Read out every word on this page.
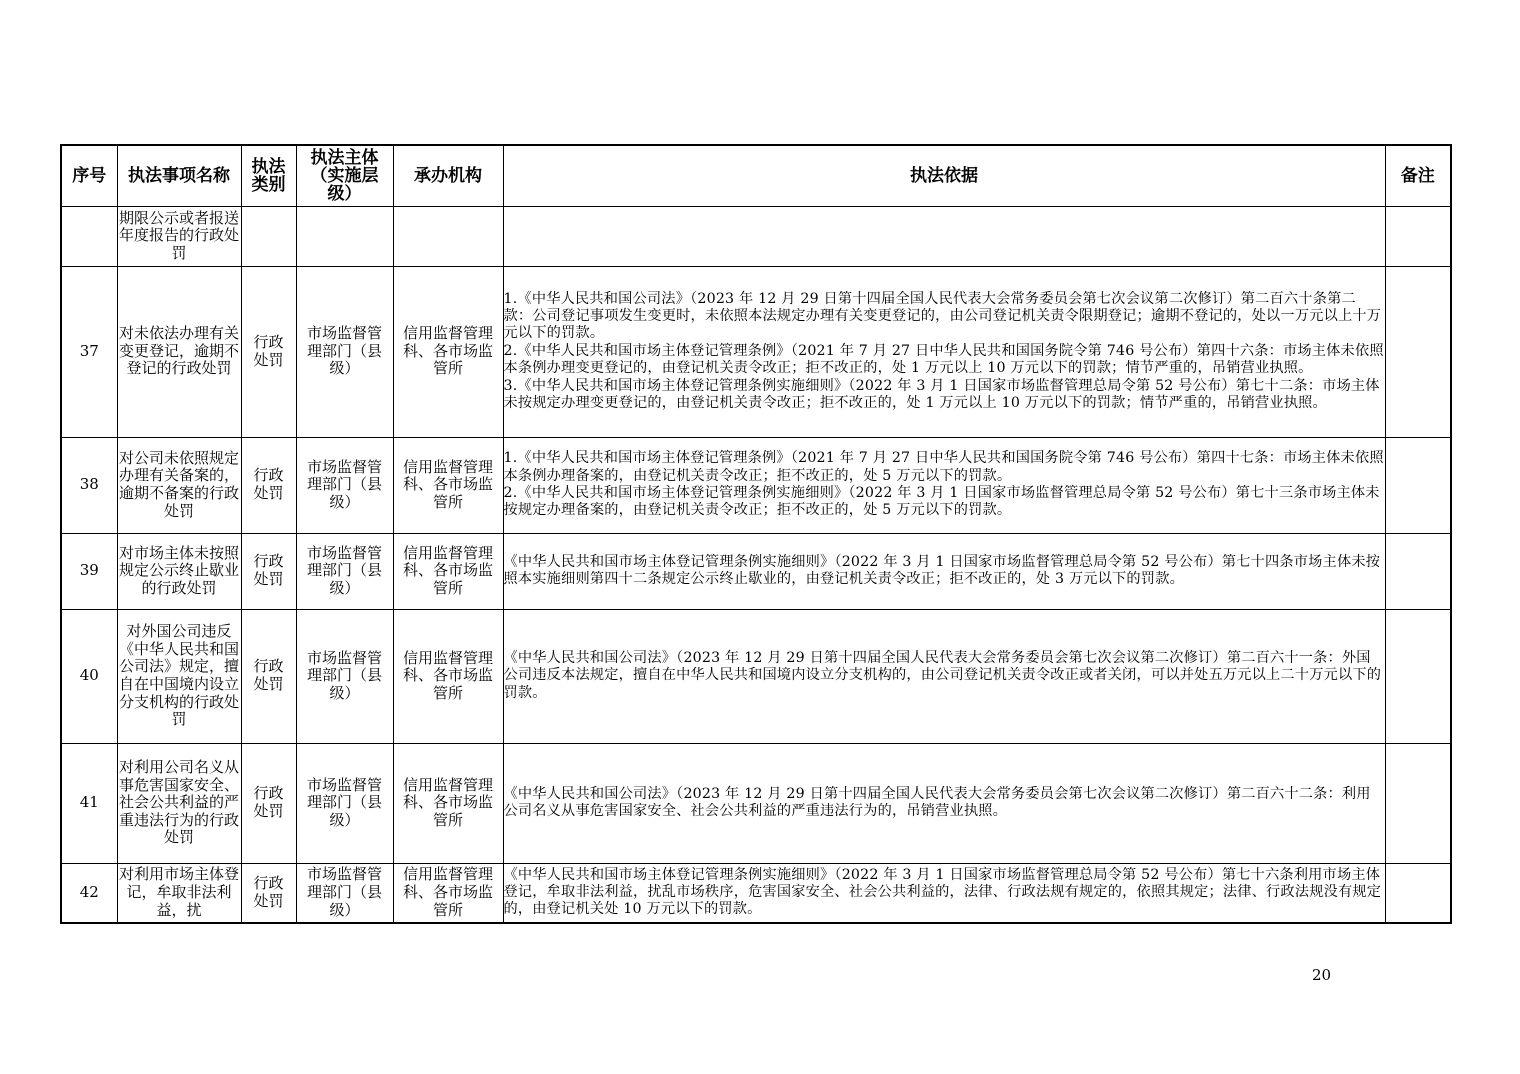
序号	执法事项名称	执法类别	执法主体（实施层级）	承办机构	执法依据	备注
	期限公示或者报送年度报告的行政处罚					
37	对未依法办理有关变更登记，逾期不登记的行政处罚	行政处罚	市场监督管理部门（县级）	信用监督管理科、各市场监管所	1.《中华人民共和国公司法》（2023 年 12 月 29 日第十四届全国人民代表大会常务委员会第七次会议第二次修订）第二百六十条第二款：公司登记事项发生变更时，未依照本法规定办理有关变更登记的，由公司登记机关责令限期登记；逾期不登记的，处以一万元以上十万元以下的罚款。
2.《中华人民共和国市场主体登记管理条例》（2021 年 7 月 27 日中华人民共和国国务院令第 746 号公布）第四十六条：市场主体未依照本条例办理变更登记的，由登记机关责令改正；拒不改正的，处 1 万元以上 10 万元以下的罚款；情节严重的，吊销营业执照。
3.《中华人民共和国市场主体登记管理条例实施细则》（2022 年 3 月 1 日国家市场监督管理总局令第 52 号公布）第七十二条：市场主体未按规定办理变更登记的，由登记机关责令改正；拒不改正的，处 1 万元以上 10 万元以下的罚款；情节严重的，吊销营业执照。	

38	对公司未依照规定办理有关备案的，逾期不备案的行政处罚	行政处罚	市场监督管理部门（县级）	信用监督管理科、各市场监管所	1.《中华人民共和国市场主体登记管理条例》（2021 年 7 月 27 日中华人民共和国国务院令第 746 号公布）第四十七条：市场主体未依照本条例办理备案的，由登记机关责令改正；拒不改正的，处 5 万元以下的罚款。
2.《中华人民共和国市场主体登记管理条例实施细则》（2022 年 3 月 1 日国家市场监督管理总局令第 52 号公布）第七十三条市场主体未按规定办理备案的，由登记机关责令改正；拒不改正的，处 5 万元以下的罚款。	

39	对市场主体未按照规定公示终止歇业的行政处罚	行政处罚	市场监督管理部门（县级）	信用监督管理科、各市场监管所	《中华人民共和国市场主体登记管理条例实施细则》（2022 年 3 月 1 日国家市场监督管理总局令第 52 号公布）第七十四条市场主体未按照本实施细则第四十二条规定公示终止歇业的，由登记机关责令改正；拒不改正的，处 3 万元以下的罚款。	

40	对外国公司违反《中华人民共和国公司法》规定，擅自在中国境内设立分支机构的行政处罚	行政处罚	市场监督管理部门（县级）	信用监督管理科、各市场监管所	《中华人民共和国公司法》（2023 年 12 月 29 日第十四届全国人民代表大会常务委员会第七次会议第二次修订）第二百六十一条：外国公司违反本法规定，擅自在中华人民共和国境内设立分支机构的，由公司登记机关责令改正或者关闭，可以并处五万元以上二十万元以下的罚款。	

41	对利用公司名义从事危害国家安全、社会公共利益的严重违法行为的行政处罚	行政处罚	市场监督管理部门（县级）	信用监督管理科、各市场监管所	《中华人民共和国公司法》（2023 年 12 月 29 日第十四届全国人民代表大会常务委员会第七次会议第二次修订）第二百六十二条：利用公司名义从事危害国家安全、社会公共利益的严重违法行为的，吊销营业执照。	

42	对利用市场主体登记，牟取非法利益，扰	行政处罚	市场监督管理部门（县级）	信用监督管理科、各市场监管所	《中华人民共和国市场主体登记管理条例实施细则》（2022 年 3 月 1 日国家市场监督管理总局令第 52 号公布）第七十六条利用市场主体登记，牟取非法利益，扰乱市场秩序，危害国家安全、社会公共利益的，法律、行政法规有规定的，依照其规定；法律、行政法规没有规定的，由登记机关处 10 万元以下的罚款。	

20
